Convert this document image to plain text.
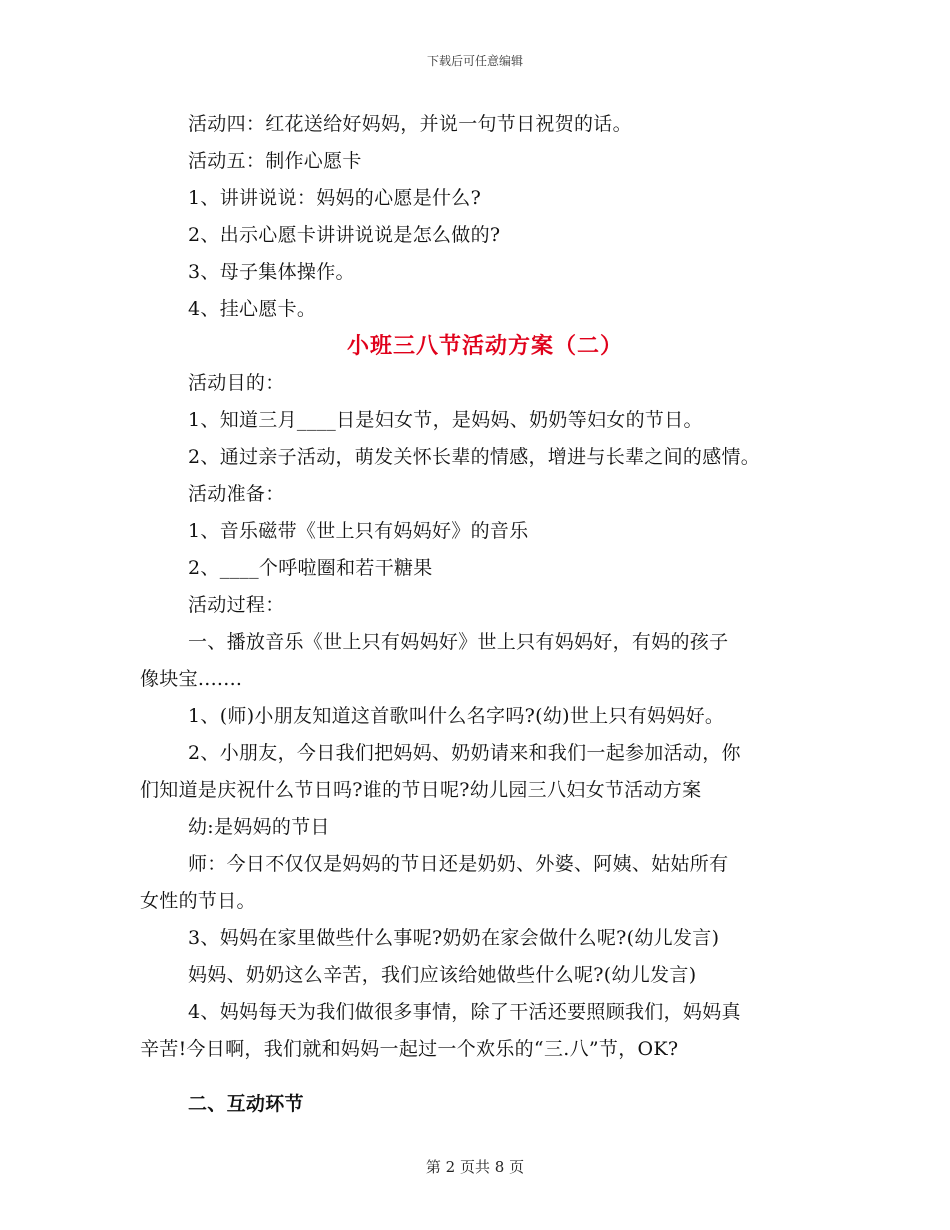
下载后可任意编辑
活动四：红花送给好妈妈，并说一句节日祝贺的话。
活动五：制作心愿卡
1、讲讲说说：妈妈的心愿是什么?
2、出示心愿卡讲讲说说是怎么做的?
3、母子集体操作。
4、挂心愿卡。
小班三八节活动方案（二）
活动目的：
1、知道三月____日是妇女节，是妈妈、奶奶等妇女的节日。
2、通过亲子活动，萌发关怀长辈的情感，增进与长辈之间的感情。
活动准备：
1、音乐磁带《世上只有妈妈好》的音乐
2、____个呼啦圈和若干糖果
活动过程：
一、播放音乐《世上只有妈妈好》世上只有妈妈好，有妈的孩子
像块宝.......
1、(师)小朋友知道这首歌叫什么名字吗?(幼)世上只有妈妈好。
2、小朋友，今日我们把妈妈、奶奶请来和我们一起参加活动，你
们知道是庆祝什么节日吗?谁的节日呢?幼儿园三八妇女节活动方案
幼:是妈妈的节日
师：今日不仅仅是妈妈的节日还是奶奶、外婆、阿姨、姑姑所有
女性的节日。
3、妈妈在家里做些什么事呢?奶奶在家会做什么呢?(幼儿发言)
妈妈、奶奶这么辛苦，我们应该给她做些什么呢?(幼儿发言)
4、妈妈每天为我们做很多事情，除了干活还要照顾我们，妈妈真
辛苦!今日啊，我们就和妈妈一起过一个欢乐的“三.八”节，OK?
二、互动环节
第 2 页共 8 页
